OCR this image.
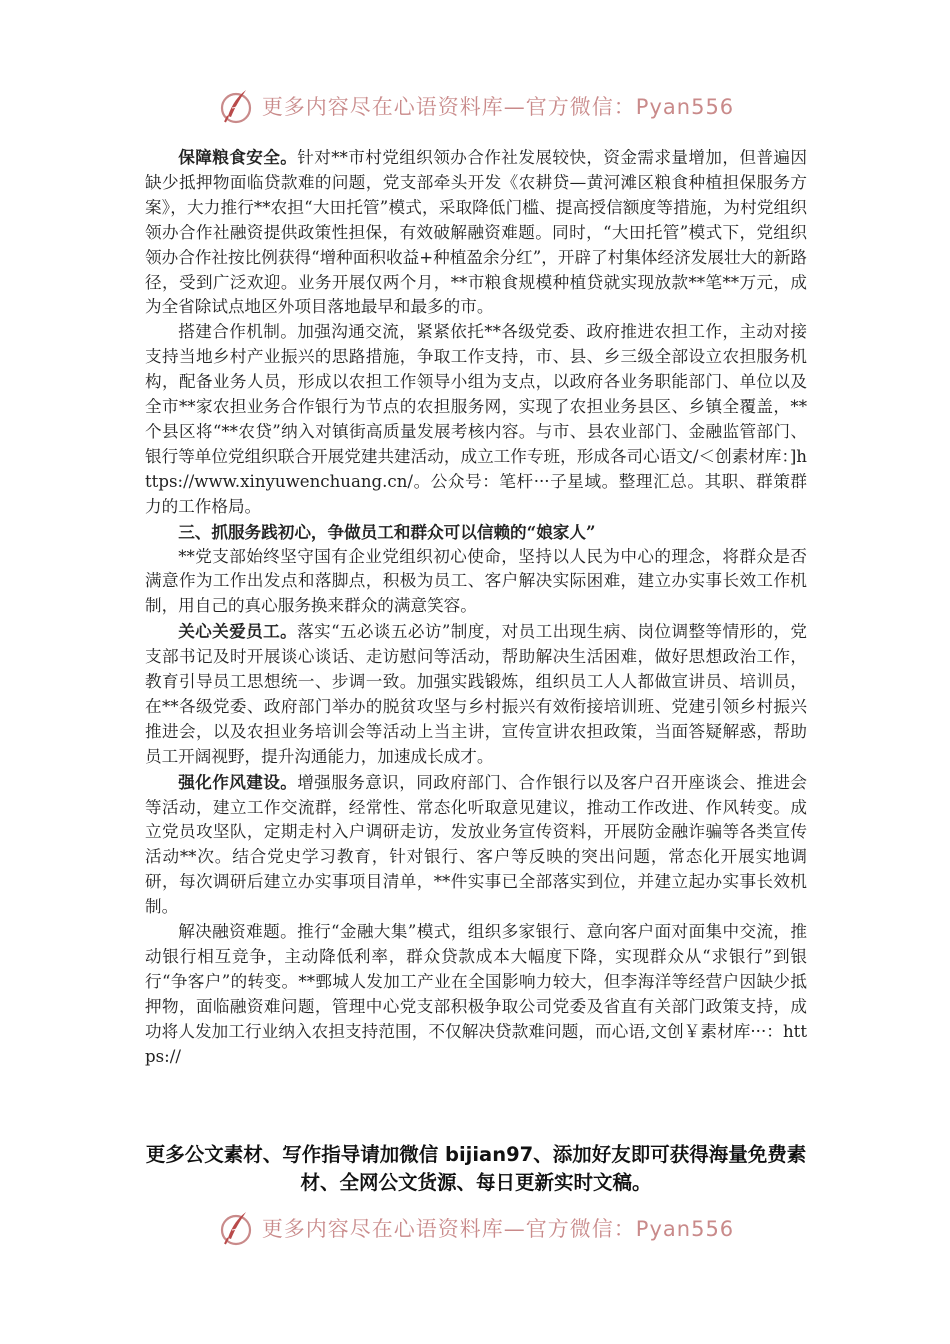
更多内容尽在心语资料库—官方微信：Pyan556

保障粮食安全。针对**市村党组织领办合作社发展较快，资金需求量增加，但普遍因缺少抵押物面临贷款难的问题，党支部牵头开发《农耕贷—黄河滩区粮食种植担保服务方案》，大力推行**农担“大田托管”模式，采取降低门槛、提高授信额度等措施，为村党组织领办合作社融资提供政策性担保，有效破解融资难题。同时，“大田托管”模式下，党组织领办合作社按比例获得“增种面积收益+种植盈余分红”，开辟了村集体经济发展壮大的新路径，受到广泛欢迎。业务开展仅两个月，**市粮食规模种植贷就实现放款**笔**万元，成为全省除试点地区外项目落地最早和最多的市。

搭建合作机制。加强沟通交流，紧紧依托**各级党委、政府推进农担工作，主动对接支持当地乡村产业振兴的思路措施，争取工作支持，市、县、乡三级全部设立农担服务机构，配备业务人员，形成以农担工作领导小组为支点，以政府各业务职能部门、单位以及全市**家农担业务合作银行为节点的农担服务网，实现了农担业务县区、乡镇全覆盖，**个县区将“**农贷”纳入对镇街高质量发展考核内容。与市、县农业部门、金融监管部门、银行等单位党组织联合开展党建共建活动，成立工作专班，形成各司心语文/＜创素材库：]https://www.xinyuwenchuang.cn/。公众号：笔杆···子星域。整理汇总。其职、群策群力的工作格局。

三、抓服务践初心，争做员工和群众可以信赖的“娘家人”

**党支部始终坚守国有企业党组织初心使命，坚持以人民为中心的理念，将群众是否满意作为工作出发点和落脚点，积极为员工、客户解决实际困难，建立办实事长效工作机制，用自己的真心服务换来群众的满意笑容。

关心关爱员工。落实“五必谈五必访”制度，对员工出现生病、岗位调整等情形的，党支部书记及时开展谈心谈话、走访慰问等活动，帮助解决生活困难，做好思想政治工作，教育引导员工思想统一、步调一致。加强实践锻炼，组织员工人人都做宣讲员、培训员，在**各级党委、政府部门举办的脱贫攻坚与乡村振兴有效衔接培训班、党建引领乡村振兴推进会，以及农担业务培训会等活动上当主讲，宣传宣讲农担政策，当面答疑解惑，帮助员工开阔视野，提升沟通能力，加速成长成才。

强化作风建设。增强服务意识，同政府部门、合作银行以及客户召开座谈会、推进会等活动，建立工作交流群，经常性、常态化听取意见建议，推动工作改进、作风转变。成立党员攻坚队，定期走村入户调研走访，发放业务宣传资料，开展防金融诈骗等各类宣传活动**次。结合党史学习教育，针对银行、客户等反映的突出问题，常态化开展实地调研，每次调研后建立办实事项目清单，**件实事已全部落实到位，并建立起办实事长效机制。

解决融资难题。推行“金融大集”模式，组织多家银行、意向客户面对面集中交流，推动银行相互竞争，主动降低利率，群众贷款成本大幅度下降，实现群众从“求银行”到银行“争客户”的转变。**鄄城人发加工产业在全国影响力较大，但李海洋等经营户因缺少抵押物，面临融资难问题，管理中心党支部积极争取公司党委及省直有关部门政策支持，成功将人发加工行业纳入农担支持范围，不仅解决贷款难问题，而心语,文创￥素材库···：https://

更多公文素材、写作指导请加微信 bijian97、添加好友即可获得海量免费素材、全网公文货源、每日更新实时文稿。
更多内容尽在心语资料库—官方微信：Pyan556
